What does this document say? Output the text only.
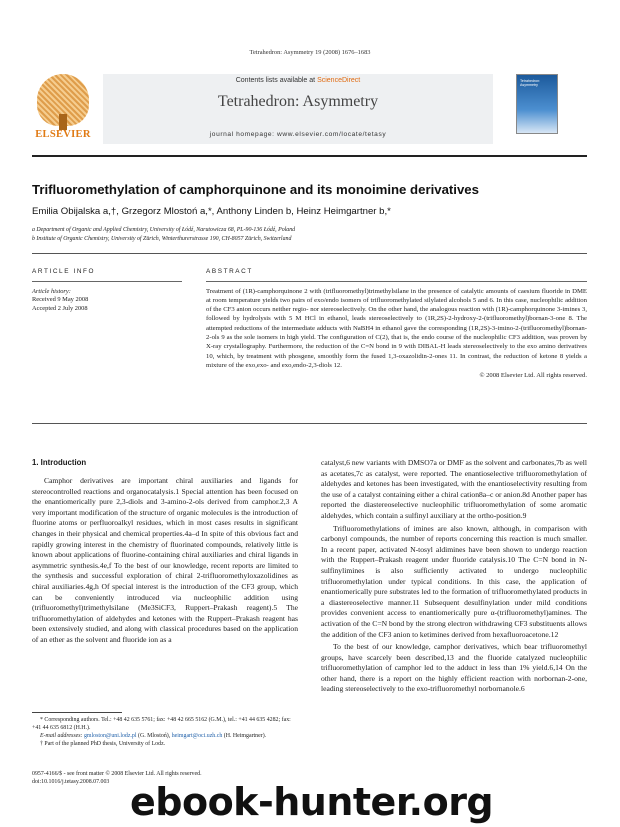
Tetrahedron: Asymmetry 19 (2008) 1676–1683
ELSEVIER
Contents lists available at ScienceDirect
Tetrahedron: Asymmetry
journal homepage: www.elsevier.com/locate/tetasy
Tetrahedron: Asymmetry
Trifluoromethylation of camphorquinone and its monoimine derivatives
Emilia Obijalska a,†, Grzegorz Mlostoń a,*, Anthony Linden b, Heinz Heimgartner b,*
a Department of Organic and Applied Chemistry, University of Łódź, Narutowicza 68, PL-90-136 Łódź, Poland
b Institute of Organic Chemistry, University of Zürich, Winterthurerstrasse 190, CH-8057 Zürich, Switzerland
ARTICLE INFO
Article history:
Received 9 May 2008
Accepted 2 July 2008
ABSTRACT

Treatment of (1R)-camphorquinone 2 with (trifluoromethyl)trimethylsilane in the presence of catalytic amounts of caesium fluoride in DME at room temperature yields two pairs of exo/endo isomers of trifluoromethylated silylated alcohols 5 and 6. In this case, nucleophilic addition of the CF3 anion occurs neither regio- nor stereoselectively. On the other hand, the analogous reaction with (1R)-camphorquinone 3-imines 3, followed by hydrolysis with 5 M HCl in ethanol, leads stereoselectively to (1R,2S)-2-hydroxy-2-(trifluoromethyl)bornan-3-one 8. The attempted reductions of the intermediate adducts with NaBH4 in ethanol gave the corresponding (1R,2S)-3-imino-2-(trifluoromethyl)bornan-2-ols 9 as the sole isomers in high yield. The configuration of C(2), that is, the endo course of the nucleophilic CF3 addition, was proven by X-ray crystallography. Furthermore, the reduction of the C=N bond in 9 with DIBAL-H leads stereoselectively to the exo amino derivatives 10, which, by treatment with phosgene, smoothly form the fused 1,3-oxazolidin-2-ones 11. In contrast, the reduction of ketone 8 yields a mixture of the exo,exo- and exo,endo-2,3-diols 12.

© 2008 Elsevier Ltd. All rights reserved.
1. Introduction

Camphor derivatives are important chiral auxiliaries and ligands for stereocontrolled reactions and organocatalysis.1 Special attention has been focused on the enantiomerically pure 2,3-diols and 3-amino-2-ols derived from camphor.2,3 A very important modification of the structure of organic molecules is the introduction of fluorine atoms or perfluoroalkyl residues, which in most cases results in significant changes in their physical and chemical properties.4a–d In spite of this obvious fact and rapidly growing interest in the chemistry of fluorinated compounds, relatively little is known about applications of fluorine-containing chiral auxiliaries and chiral ligands in asymmetric synthesis.4e,f To the best of our knowledge, recent reports are limited to the synthesis and successful exploration of chiral 2-trifluoromethyloxazolidines as chiral auxiliaries.4g,h Of special interest is the introduction of the CF3 group, which can be conveniently introduced via nucleophilic addition using (trifluoromethyl)trimethylsilane (Me3SiCF3, Ruppert–Prakash reagent).5 The trifluoromethylation of aldehydes and ketones with the Ruppert–Prakash reagent has been extensively studied, and along with classical procedures based on the application of an ether as the solvent and fluoride ion as a

catalyst,6 new variants with DMSO7a or DMF as the solvent and carbonates,7b as well as acetates,7c as catalyst, were reported. The enantioselective trifluoromethylation of aldehydes and ketones has been investigated, with the enantioselectivity resulting from the use of a catalyst containing either a chiral cation8a–c or anion.8d Another paper has reported the diastereoselective nucleophilic trifluoromethylation of some aromatic aldehydes, which contain a sulfinyl auxiliary at the ortho-position.9

Trifluoromethylations of imines are also known, although, in comparison with carbonyl compounds, the number of reports concerning this reaction is much smaller. In a recent paper, activated N-tosyl aldimines have been shown to undergo reaction with the Ruppert–Prakash reagent under fluoride catalysis.10 The C=N bond in N-sulfinylimines is also sufficiently activated to undergo nucleophilic trifluoromethylation under typical conditions. In this case, the application of enantiomerically pure substrates led to the formation of trifluoromethylated products in a diastereoselective manner.11 Subsequent desulfinylation under mild conditions provides convenient access to enantiomerically pure α-(trifluoromethyl)amines. The activation of the C=N bond by the strong electron withdrawing CF3 substituents allows the addition of the CF3 anion to ketimines derived from hexafluoroacetone.12

To the best of our knowledge, camphor derivatives, which bear trifluoromethyl groups, have scarcely been described,13 and the fluoride catalyzed nucleophilic trifluoromethylation of camphor led to the adduct in less than 1% yield.6,14 On the other hand, there is a report on the highly efficient reaction with norbornan-2-one, leading stereoselectively to the exo-trifluoromethyl norbornanole.6

* Corresponding authors. Tel.: +48 42 635 5761; fax: +48 42 665 5162 (G.M.), tel.: +41 44 635 4282; fax: +41 44 635 6812 (H.H.).

E-mail addresses: gmloston@uni.lodz.pl (G. Mlostoń), heimgart@oci.uzh.ch (H. Heimgartner).

† Part of the planned PhD thesis, University of Lodz.

0957-4166/$ - see front matter © 2008 Elsevier Ltd. All rights reserved.
doi:10.1016/j.tetasy.2008.07.003 ebook-hunter.org
